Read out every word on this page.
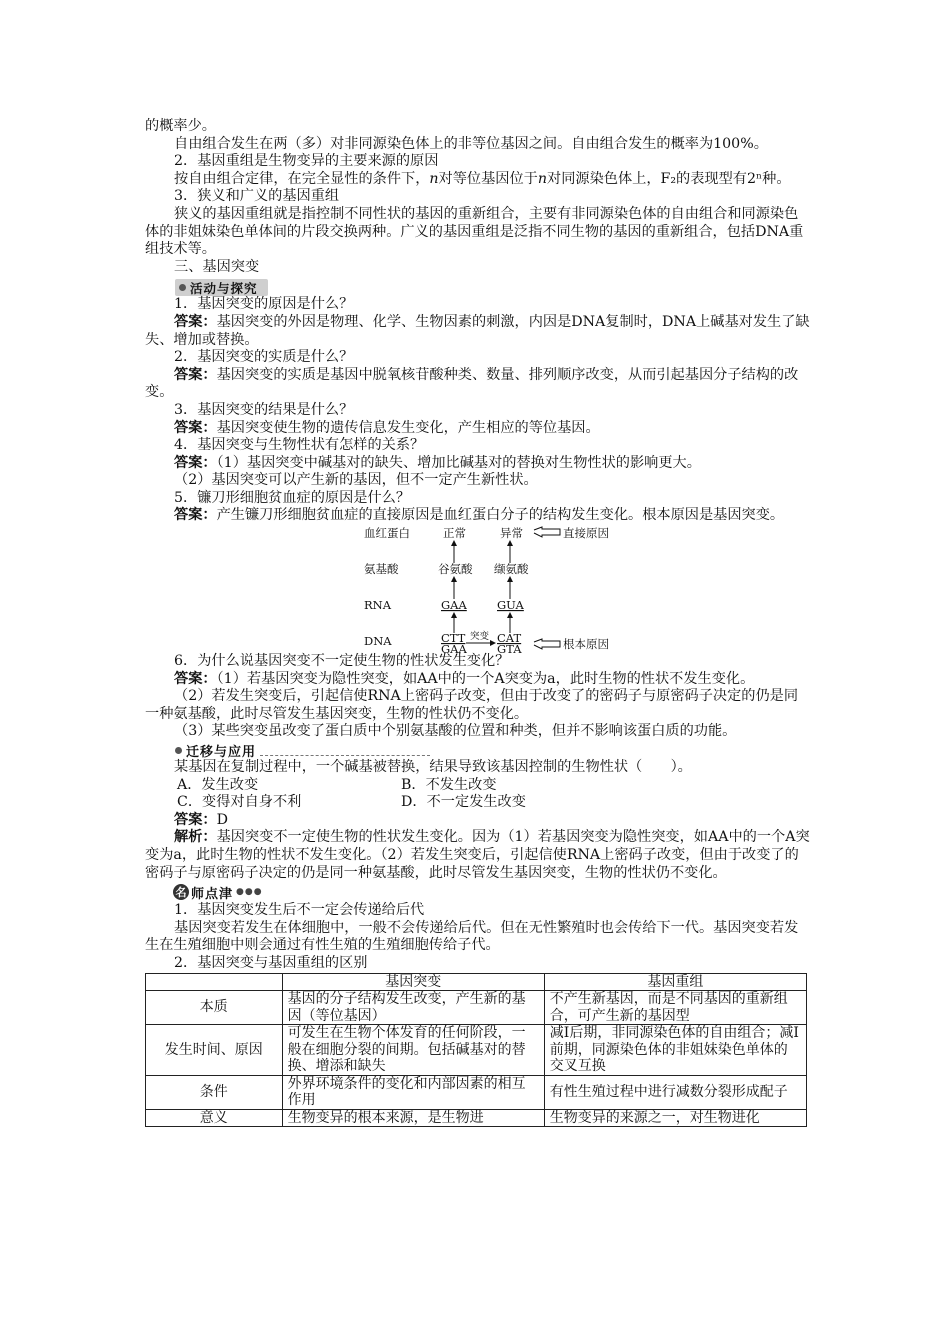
的概率少。

自由组合发生在两（多）对非同源染色体上的非等位基因之间。自由组合发生的概率为100%。

2．基因重组是生物变异的主要来源的原因

按自由组合定律，在完全显性的条件下，n对等位基因位于n对同源染色体上，F₂的表现型有2ⁿ种。

3．狭义和广义的基因重组

狭义的基因重组就是指控制不同性状的基因的重新组合，主要有非同源染色体的自由组合和同源染色体的非姐妹染色单体间的片段交换两种。广义的基因重组是泛指不同生物的基因的重新组合，包括DNA重组技术等。

三、基因突变

活动与探究

1．基因突变的原因是什么？

答案：基因突变的外因是物理、化学、生物因素的刺激，内因是DNA复制时，DNA上碱基对发生了缺失、增加或替换。

2．基因突变的实质是什么？

答案：基因突变的实质是基因中脱氧核苷酸种类、数量、排列顺序改变，从而引起基因分子结构的改变。

3．基因突变的结果是什么？

答案：基因突变使生物的遗传信息发生变化，产生相应的等位基因。

4．基因突变与生物性状有怎样的关系？

答案：（1）基因突变中碱基对的缺失、增加比碱基对的替换对生物性状的影响更大。

（2）基因突变可以产生新的基因，但不一定产生新性状。

5．镰刀形细胞贫血症的原因是什么？

答案：产生镰刀形细胞贫血症的直接原因是血红蛋白分子的结构发生变化。根本原因是基因突变。

血红蛋白
氨基酸
RNA
DNA
正常	异常	直接原因
谷氨酸 缬氨酸
GAA	GUA
CTT
GAA
突变 CAT
GTA	根本原因

6．为什么说基因突变不一定使生物的性状发生变化？

答案：（1）若基因突变为隐性突变，如AA中的一个A突变为a，此时生物的性状不发生变化。

（2）若发生突变后，引起信使RNA上密码子改变，但由于改变了的密码子与原密码子决定的仍是同一种氨基酸，此时尽管发生基因突变，生物的性状仍不变化。

（3）某些突变虽改变了蛋白质中个别氨基酸的位置和种类，但并不影响该蛋白质的功能。

迁移与应用

某基因在复制过程中，一个碱基被替换，结果导致该基因控制的生物性状（　　）。

A．发生改变	B．不发生改变
C．变得对自身不利	D．不一定发生改变

答案：D

解析：基因突变不一定使生物的性状发生变化。因为（1）若基因突变为隐性突变，如AA中的一个A突变为a，此时生物的性状不发生变化。（2）若发生突变后，引起信使RNA上密码子改变，但由于改变了的密码子与原密码子决定的仍是同一种氨基酸，此时尽管发生基因突变，生物的性状仍不变化。

名 师点津 ●●●

1．基因突变发生后不一定会传递给后代

基因突变若发生在体细胞中，一般不会传递给后代。但在无性繁殖时也会传给下一代。基因突变若发生在生殖细胞中则会通过有性生殖的生殖细胞传给子代。

2．基因突变与基因重组的区别

	基因突变	基因重组
本质	基因的分子结构发生改变，产生新的基因（等位基因）	不产生新基因，而是不同基因的重新组合，可产生新的基因型
发生时间、原因	可发生在生物个体发育的任何阶段，一般在细胞分裂的间期。包括碱基对的替换、增添和缺失	减Ⅰ后期，非同源染色体的自由组合；减Ⅰ前期，同源染色体的非姐妹染色单体的交叉互换
条件	外界环境条件的变化和内部因素的相互作用	有性生殖过程中进行减数分裂形成配子
意义	生物变异的根本来源，是生物进	生物变异的来源之一，对生物进化
